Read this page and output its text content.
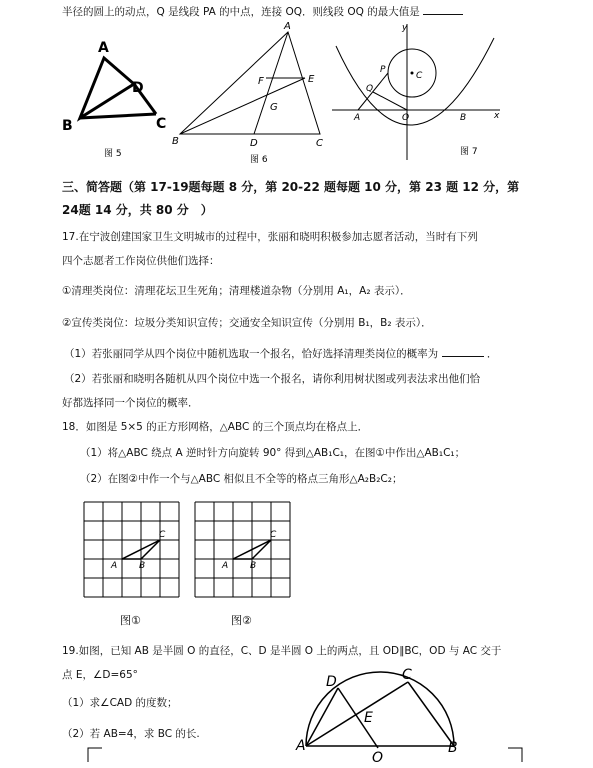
半径的圆上的动点，Q 是线段 PA 的中点，连接 OQ．则线段 OQ 的最大值是
A
D
B	C
图 5
A
F	E
G
B	D	C
图 6
y
x
P
Q
C
A	O	B
图 7
三、简答题（第 17-19题每题 8 分，第 20-22 题每题 10 分，第 23 题 12 分，第
24题 14 分，共 80 分　）
17.在宁波创建国家卫生文明城市的过程中，张丽和晓明积极参加志愿者活动，当时有下列
四个志愿者工作岗位供他们选择：
①清理类岗位：清理花坛卫生死角；清理楼道杂物（分别用 A₁，A₂ 表示）．
②宣传类岗位：垃圾分类知识宣传；交通安全知识宣传（分别用 B₁，B₂ 表示）．
（1）若张丽同学从四个岗位中随机选取一个报名，恰好选择清理类岗位的概率为	．
（2）若张丽和晓明各随机从四个岗位中选一个报名，请你利用树状图或列表法求出他们恰
好都选择同一个岗位的概率．
18．如图是 5×5 的正方形网格，△ABC 的三个顶点均在格点上．
（1）将△ABC 绕点 A 逆时针方向旋转 90° 得到△AB₁C₁，在图①中作出△AB₁C₁；
（2）在图②中作一个与△ABC 相似且不全等的格点三角形△A₂B₂C₂；
A B
C
图①
A B
C
图②
19.如图，已知 AB 是半圆 O 的直径，C、D 是半圆 O 上的两点，且 OD∥BC，OD 与 AC 交于
点 E，∠D=65°
（1）求∠CAD 的度数；
（2）若 AB=4，求 BC 的长.
D	C
E
A
O
B
